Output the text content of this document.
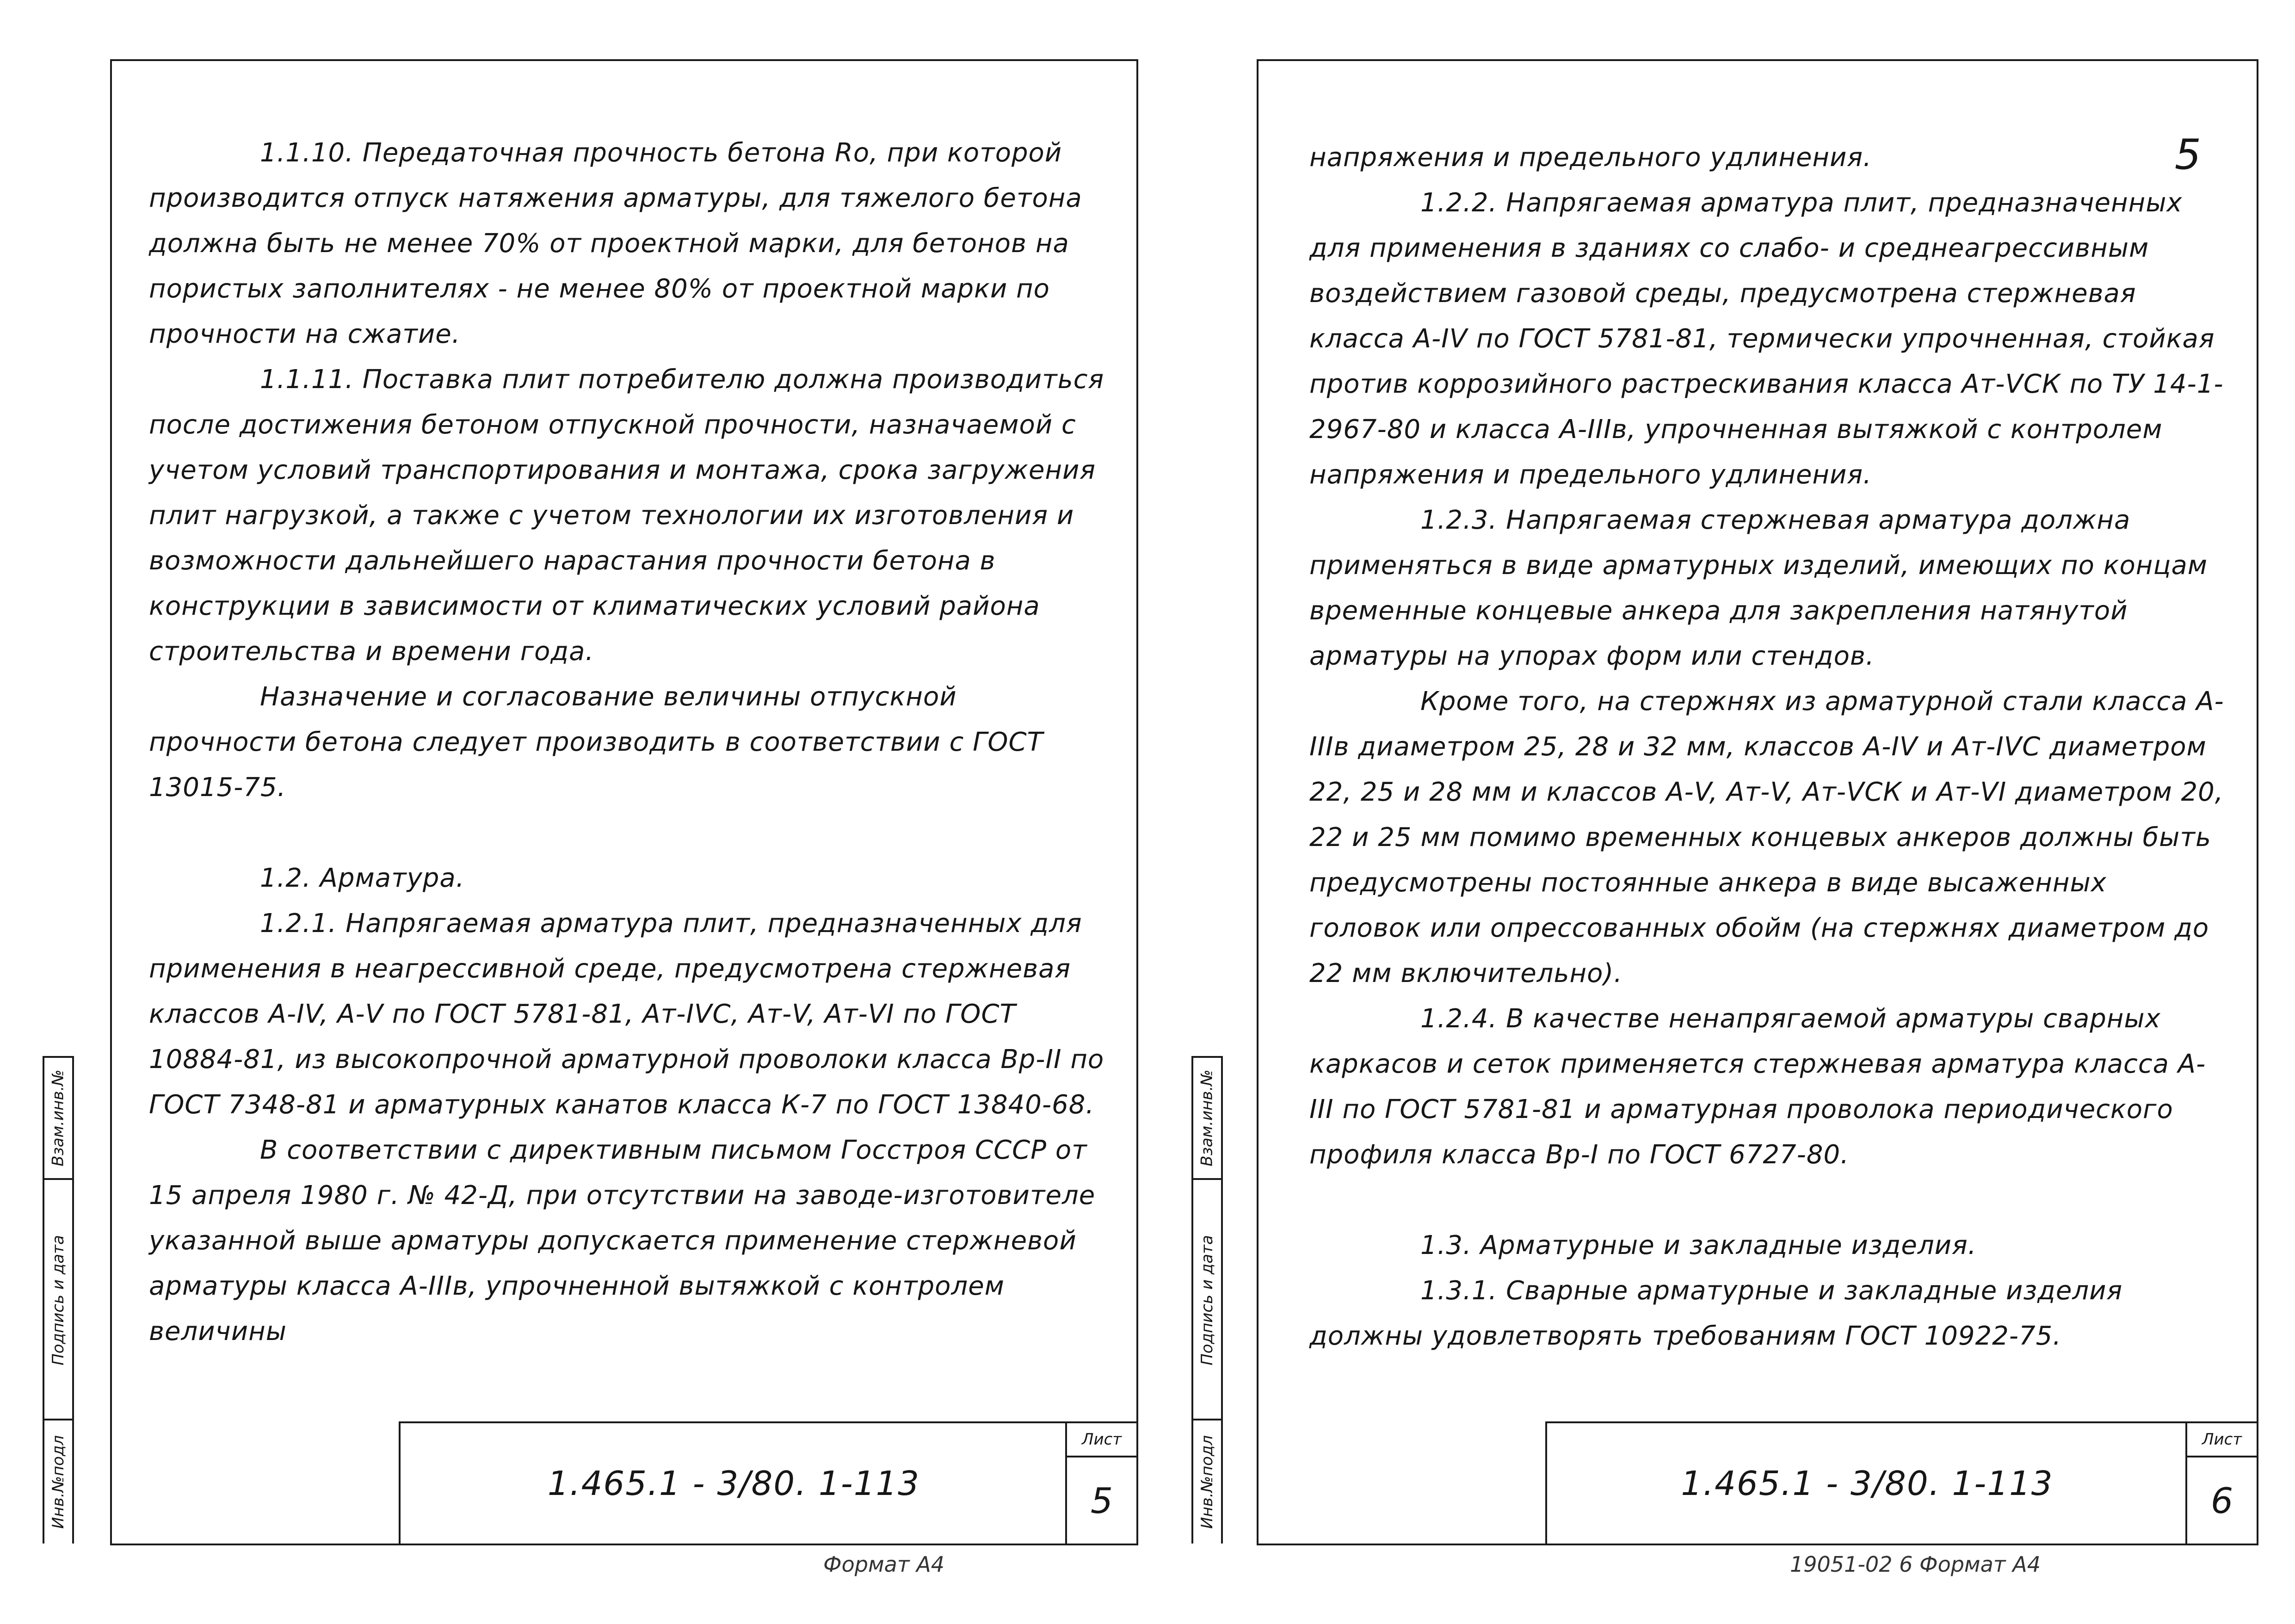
Взам.инв.№
Подпись и дата
Инв.№подл

1.1.10. Передаточная прочность бетона Ro, при которой производится отпуск натяжения арматуры, для тяжелого бетона должна быть не менее 70% от проектной марки, для бетонов на пористых заполнителях - не менее 80% от проектной марки по прочности на сжатие.

1.1.11. Поставка плит потребителю должна производиться после достижения бетоном отпускной прочности, назначаемой с учетом условий транспортирования и монтажа, срока загружения плит нагрузкой, а также с учетом технологии их изготовления и возможности дальнейшего нарастания прочности бетона в конструкции в зависимости от климатических условий района строительства и времени года.

Назначение и согласование величины отпускной прочности бетона следует производить в соответствии с ГОСТ 13015-75.

1.2. Арматура.

1.2.1. Напрягаемая арматура плит, предназначенных для применения в неагрессивной среде, предусмотрена стержневая классов А-IV, А-V по ГОСТ 5781-81, Ат-IVС, Ат-V, Ат-VI по ГОСТ 10884-81, из высокопрочной арматурной проволоки класса Вр-II по ГОСТ 7348-81 и арматурных канатов класса К-7 по ГОСТ 13840-68.

В соответствии с директивным письмом Госстроя СССР от 15 апреля 1980 г. № 42-Д, при отсутствии на заводе-изготовителе указанной выше арматуры допускается применение стержневой арматуры класса А-IIIв, упрочненной вытяжкой с контролем величины

1.465.1 - 3/80. 1-113
Лист
5
Формат А4
5
Взам.инв.№
Подпись и дата
Инв.№подл

напряжения и предельного удлинения.

1.2.2. Напрягаемая арматура плит, предназначенных для применения в зданиях со слабо- и среднеагрессивным воздействием газовой среды, предусмотрена стержневая класса А-IV по ГОСТ 5781-81, термически упрочненная, стойкая против коррозийного растрескивания класса Ат-VСК по ТУ 14-1-2967-80 и класса А-IIIв, упрочненная вытяжкой с контролем напряжения и предельного удлинения.

1.2.3. Напрягаемая стержневая арматура должна применяться в виде арматурных изделий, имеющих по концам временные концевые анкера для закрепления натянутой арматуры на упорах форм или стендов.

Кроме того, на стержнях из арматурной стали класса А-IIIв диаметром 25, 28 и 32 мм, классов А-IV и Ат-IVС диаметром 22, 25 и 28 мм и классов А-V, Ат-V, Ат-VСК и Ат-VI диаметром 20, 22 и 25 мм помимо временных концевых анкеров должны быть предусмотрены постоянные анкера в виде высаженных головок или опрессованных обойм (на стержнях диаметром до 22 мм включительно).

1.2.4. В качестве ненапрягаемой арматуры сварных каркасов и сеток применяется стержневая арматура класса А-III по ГОСТ 5781-81 и арматурная проволока периодического профиля класса Вр-I по ГОСТ 6727-80.

1.3. Арматурные и закладные изделия.

1.3.1. Сварные арматурные и закладные изделия должны удовлетворять требованиям ГОСТ 10922-75.

1.465.1 - 3/80. 1-113
Лист
6
19051-02 6 Формат А4
